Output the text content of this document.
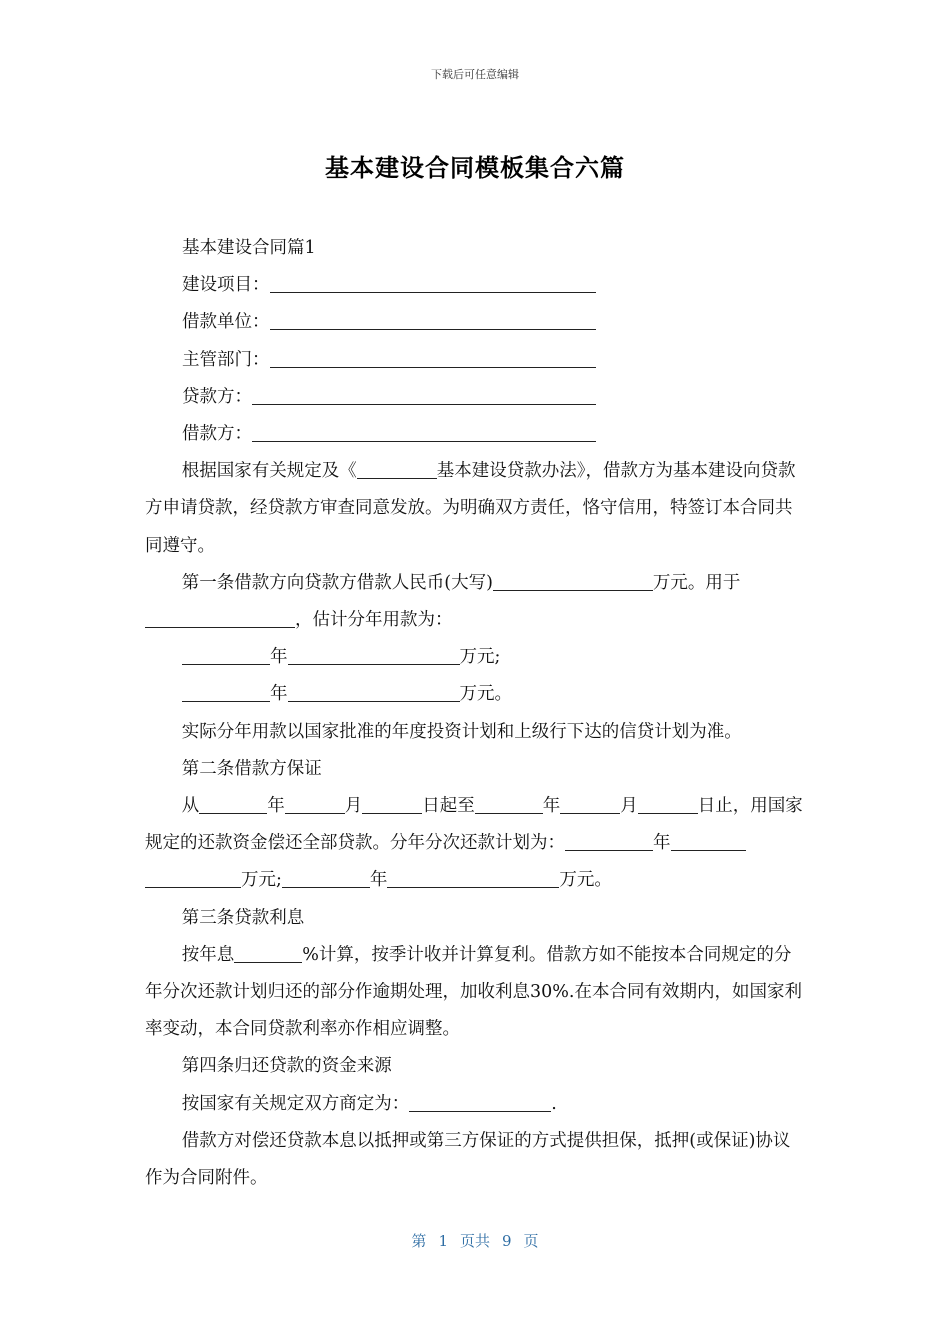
下载后可任意编辑
基本建设合同模板集合六篇
基本建设合同篇1
建设项目：
借款单位：
主管部门：
贷款方：
借款方：
根据国家有关规定及《	基本建设贷款办法》，借款方为基本建设向贷款方申请贷款，经贷款方审查同意发放。为明确双方责任，恪守信用，特签订本合同共同遵守。
第一条借款方向贷款方借款人民币(大写)	万元。用于，估计分年用款为：
年	万元;
年	万元。
实际分年用款以国家批准的年度投资计划和上级行下达的信贷计划为准。
第二条借款方保证
从	年	月	日起至	年	月	日止，用国家规定的还款资金偿还全部贷款。分年分次还款计划为：	年万元;	年	万元。
第三条贷款利息
按年息	%计算，按季计收并计算复利。借款方如不能按本合同规定的分年分次还款计划归还的部分作逾期处理，加收利息30%.在本合同有效期内，如国家利率变动，本合同贷款利率亦作相应调整。
第四条归还贷款的资金来源
按国家有关规定双方商定为：	.
借款方对偿还贷款本息以抵押或第三方保证的方式提供担保，抵押(或保证)协议作为合同附件。
第 1 页共 9 页
